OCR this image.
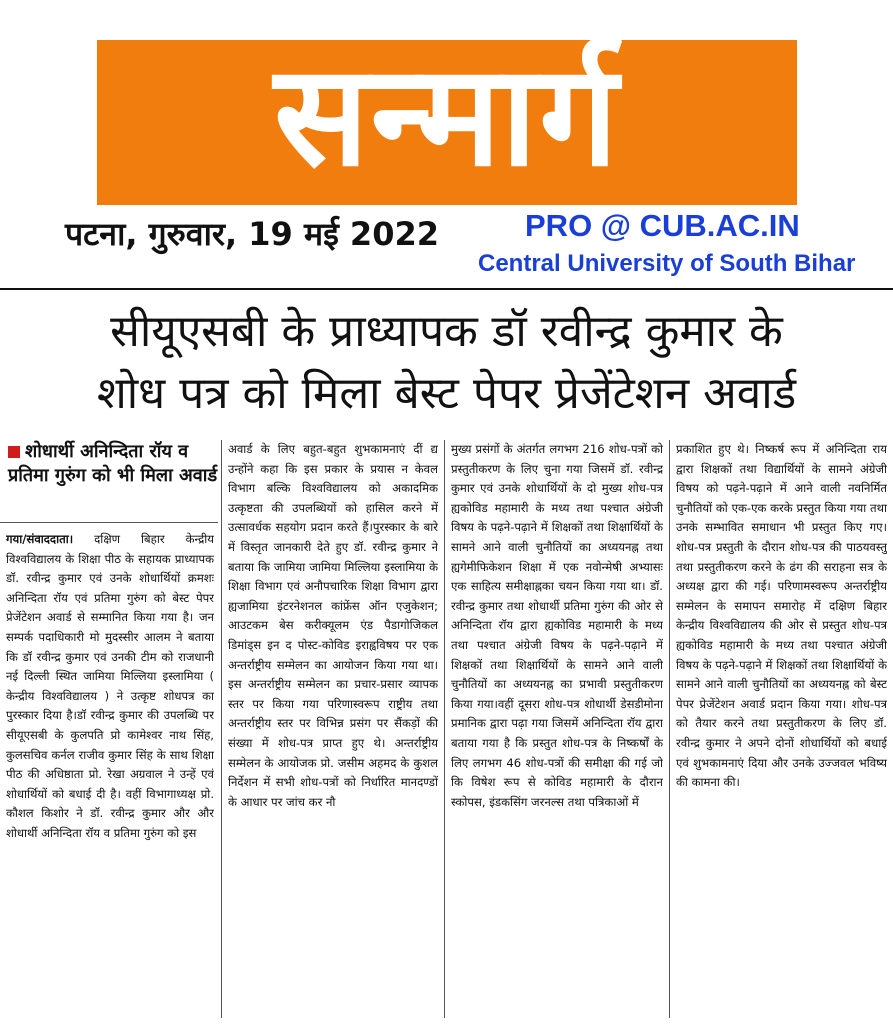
सन्मार्ग
पटना, गुरुवार, 19 मई 2022	PRO @ CUB.AC.IN
Central University of South Bihar
सीयूएसबी के प्राध्यापक डॉ रवीन्द्र कुमार के
शोध पत्र को मिला बेस्ट पेपर प्रेजेंटेशन अवार्ड
शोधार्थी अनिन्दिता रॉय व प्रतिमा गुरुंग को भी मिला अवार्ड
गया/संवाददाता। दक्षिण बिहार केन्द्रीय विश्वविद्यालय के शिक्षा पीठ के सहायक प्राध्यापक डॉ. रवीन्द्र कुमार एवं उनके शोधार्थियों क्रमशः अनिन्दिता रॉय एवं प्रतिमा गुरुंग को बेस्ट पेपर प्रेजेंटेशन अवार्ड से सम्मानित किया गया है। जन सम्पर्क पदाधिकारी मो मुदस्सीर आलम ने बताया कि डॉ रवीन्द्र कुमार एवं उनकी टीम को राजधानी नई दिल्ली स्थित जामिया मिल्लिया इस्लामिया ( केन्द्रीय विश्वविद्यालय ) ने उत्कृष्ट शोधपत्र का पुरस्कार दिया है।डॉ रवीन्द्र कुमार की उपलब्धि पर सीयूएसबी के कुलपति प्रो कामेश्वर नाथ सिंह, कुलसचिव कर्नल राजीव कुमार सिंह के साथ शिक्षा पीठ की अधिष्ठाता प्रो. रेखा अग्रवाल ने उन्हें एवं शोधार्थियों को बधाई दी है। वहीं विभागाध्यक्ष प्रो. कौशल किशोर ने डॉ. रवीन्द्र कुमार और और शोधार्थी अनिन्दिता रॉय व प्रतिमा गुरुंग को इस
अवार्ड के लिए बहुत-बहुत शुभकामनाएं दीं द्य उन्होंने कहा कि इस प्रकार के प्रयास न केवल विभाग बल्कि विश्वविद्यालय को अकादमिक उत्कृष्टता की उपलब्धियों को हासिल करने में उत्सावर्धक सहयोग प्रदान करते हैं।पुरस्कार के बारे में विस्तृत जानकारी देते हुए डॉ. रवीन्द्र कुमार ने बताया कि जामिया जामिया मिल्लिया इस्लामिया के शिक्षा विभाग एवं अनौपचारिक शिक्षा विभाग द्वारा ह्यजामिया इंटरनेशनल कांफ्रेंस ऑन एजुकेशन; आउटकम बेस करीक्यूलम एंड पैडागोजिकल डिमांड्स इन द पोस्ट-कोविड इराह्वविषय पर एक अन्तर्राष्ट्रीय सम्मेलन का आयोजन किया गया था। इस अन्तर्राष्ट्रीय सम्मेलन का प्रचार-प्रसार व्यापक स्तर पर किया गया परिणास्वरूप राष्ट्रीय तथा अन्तर्राष्ट्रीय स्तर पर विभिन्न प्रसंग पर सैंकड़ों की संख्या में शोध-पत्र प्राप्त हुए थे। अन्तर्राष्ट्रीय सम्मेलन के आयोजक प्रो. जसीम अहमद के कुशल निर्देशन में सभी शोध-पत्रों को निर्धारित मानदण्डों के आधार पर जांच कर नौ
मुख्य प्रसंगों के अंतर्गत लगभग 216 शोध-पत्रों को प्रस्तुतीकरण के लिए चुना गया जिसमें डॉ. रवीन्द्र कुमार एवं उनके शोधार्थियों के दो मुख्य शोध-पत्र ह्यकोविड महामारी के मध्य तथा पश्चात अंग्रेजी विषय के पढ़ने-पढ़ाने में शिक्षकों तथा शिक्षार्थियों के सामने आने वाली चुनौतियों का अध्ययनह्न तथा ह्यगेमीफिकेशन शिक्षा में एक नवोन्मेषी अभ्यासः एक साहित्य समीक्षाह्नका चयन किया गया था। डॉ. रवीन्द्र कुमार तथा शोधार्थी प्रतिमा गुरुंग की ओर से अनिन्दिता रॉय द्वारा ह्यकोविड महामारी के मध्य तथा पश्चात अंग्रेजी विषय के पढ़ने-पढ़ाने में शिक्षकों तथा शिक्षार्थियों के सामने आने वाली चुनौतियों का अध्ययनह्न का प्रभावी प्रस्तुतीकरण किया गया।वहीं दूसरा शोध-पत्र शोधार्थी डेसडीमोना प्रमानिक द्वारा पढ़ा गया जिसमें अनिन्दिता रॉय द्वारा बताया गया है कि प्रस्तुत शोध-पत्र के निष्कर्षों के लिए लगभग 46 शोध-पत्रों की समीक्षा की गई जो कि विषेश रूप से कोविड महामारी के दौरान स्कोपस, इंडकसिंग जरनल्स तथा पत्रिकाओं में
प्रकाशित हुए थे। निष्कर्ष रूप में अनिन्दिता राय द्वारा शिक्षकों तथा विद्यार्थियों के सामने अंग्रेजी विषय को पढ़ने-पढ़ाने में आने वाली नवनिर्मित चुनौतियों को एक-एक करके प्रस्तुत किया गया तथा उनके सम्भावित समाधान भी प्रस्तुत किए गए। शोध-पत्र प्रस्तुती के दौरान शोध-पत्र की पाठयवस्तु तथा प्रस्तुतीकरण करने के ढंग की सराहना सत्र के अध्यक्ष द्वारा की गई। परिणामस्वरूप अन्तर्राष्ट्रीय सम्मेलन के समापन समारोह में दक्षिण बिहार केन्द्रीय विश्वविद्यालय की ओर से प्रस्तुत शोध-पत्र ह्यकोविड महामारी के मध्य तथा पश्चात अंग्रेजी विषय के पढ़ने-पढ़ाने में शिक्षकों तथा शिक्षार्थियों के सामने आने वाली चुनौतियों का अध्ययनह्न को बेस्ट पेपर प्रेजेंटेशन अवार्ड प्रदान किया गया। शोध-पत्र को तैयार करने तथा प्रस्तुतीकरण के लिए डॉ. रवीन्द्र कुमार ने अपने दोनों शोधार्थियों को बधाई एवं शुभकामनाएं दिया और उनके उज्जवल भविष्य की कामना की।
